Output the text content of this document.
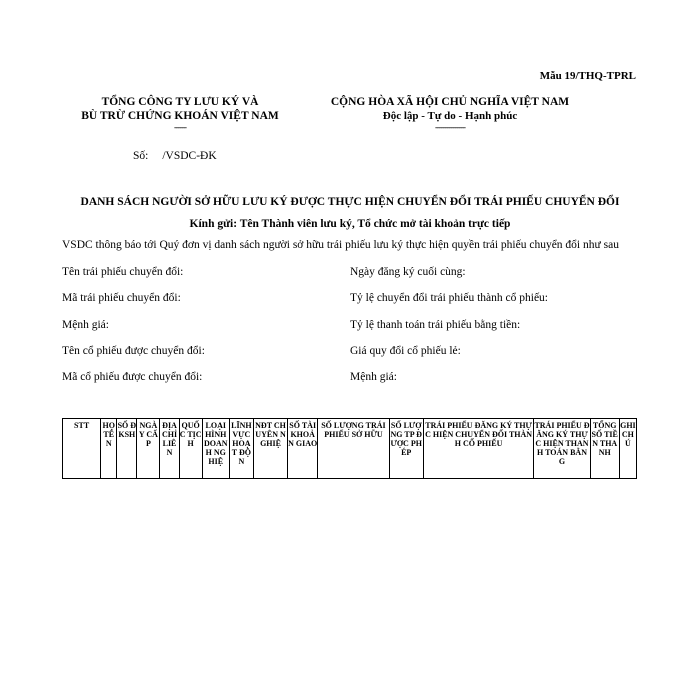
Mẫu 19/THQ-TPRL
TỔNG CÔNG TY LƯU KÝ VÀ
BÙ TRỪ CHỨNG KHOÁN VIỆT NAM
------
CỘNG HÒA XÃ HỘI CHỦ NGHĨA VIỆT NAM
Độc lập - Tự do - Hạnh phúc
---------------
Số: /VSDC-ĐK
DANH SÁCH NGƯỜI SỞ HỮU LƯU KÝ ĐƯỢC THỰC HIỆN CHUYỂN ĐỔI TRÁI PHIẾU CHUYỂN ĐỔI
Kính gửi: Tên Thành viên lưu ký, Tổ chức mở tài khoản trực tiếp
VSDC thông báo tới Quý đơn vị danh sách người sở hữu trái phiếu lưu ký thực hiện quyền trái phiếu chuyển đổi như sau
Tên trái phiếu chuyển đổi:
Mã trái phiếu chuyển đổi:
Mệnh giá:
Tên cổ phiếu được chuyển đổi:
Mã cổ phiếu được chuyển đổi:
Ngày đăng ký cuối cùng:
Tỷ lệ chuyển đổi trái phiếu thành cổ phiếu:
Tỷ lệ thanh toán trái phiếu bằng tiền:
Giá quy đổi cổ phiếu lẻ:
Mệnh giá:
STT	HỌ TÊN	SỐ ĐKSH	NGÀY CẤP	ĐỊA CHỈ LIÊN	QUỐC TỊCH	LOẠI HÌNH DOANH NGHIỆ	LĨNH VỰC HOẠT ĐỘN	NĐT CHUYÊN NGHIỆ	SỐ TÀI KHOẢN GIAO	SỐ LƯỢNG TRÁI PHIẾU SỞ HỮU	SỐ LƯỢNG TP ĐƯỢC PHÉP	TRÁI PHIẾU ĐĂNG KÝ THỰC HIỆN CHUYỂN ĐỔI THÀNH CỔ PHIẾU	TRÁI PHIẾU ĐĂNG KÝ THỰC HIỆN THANH TOÁN BẰNG	TỔNG SỐ TIỀN THANH	GHI CHÚ
